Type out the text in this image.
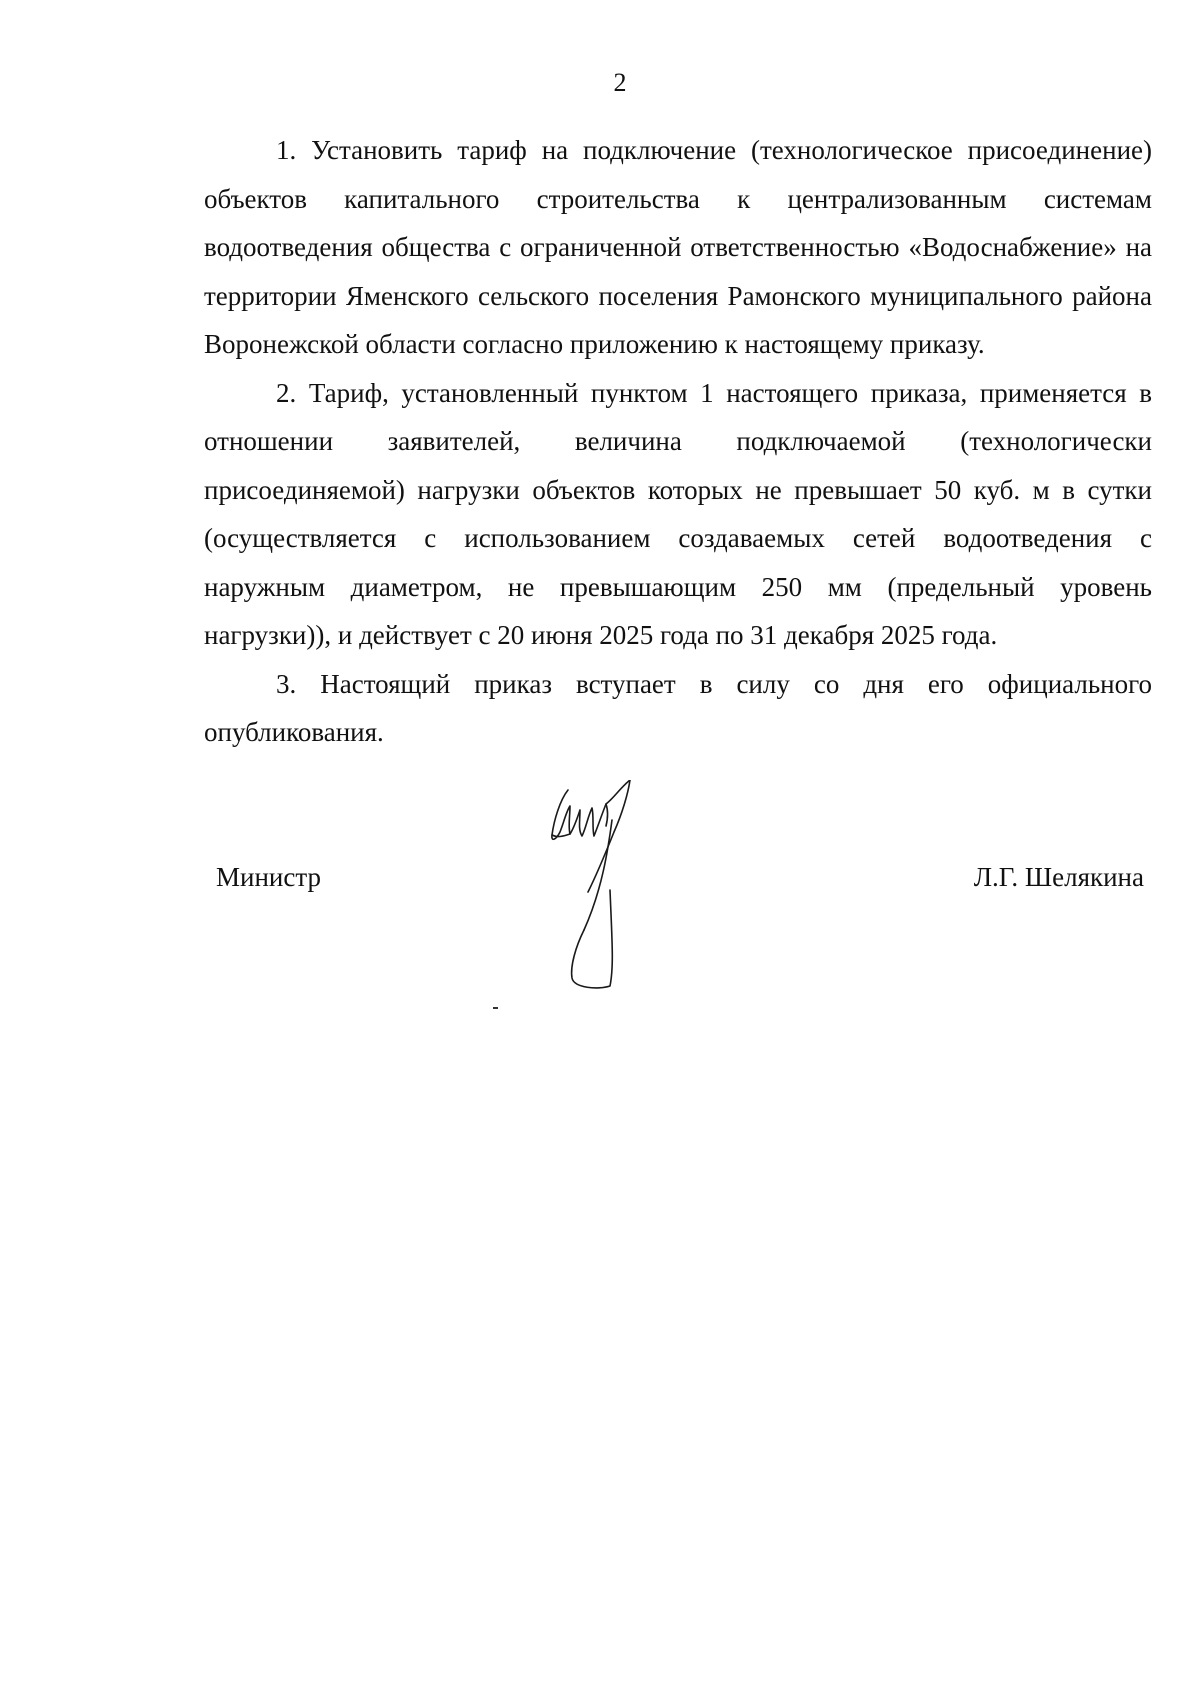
2

1. Установить тариф на подключение (технологическое присоединение) объектов капитального строительства к централизованным системам водоотведения общества с ограниченной ответственностью «Водоснабжение» на территории Яменского сельского поселения Рамонского муниципального района Воронежской области согласно приложению к настоящему приказу.

2. Тариф, установленный пунктом 1 настоящего приказа, применяется в отношении заявителей, величина подключаемой (технологически присоединяемой) нагрузки объектов которых не превышает 50 куб. м в сутки (осуществляется с использованием создаваемых сетей водоотведения с наружным диаметром, не превышающим 250 мм (предельный уровень нагрузки)), и действует с 20 июня 2025 года по 31 декабря 2025 года.

3. Настоящий приказ вступает в силу со дня его официального опубликования.

Министр	Л.Г. Шелякина
